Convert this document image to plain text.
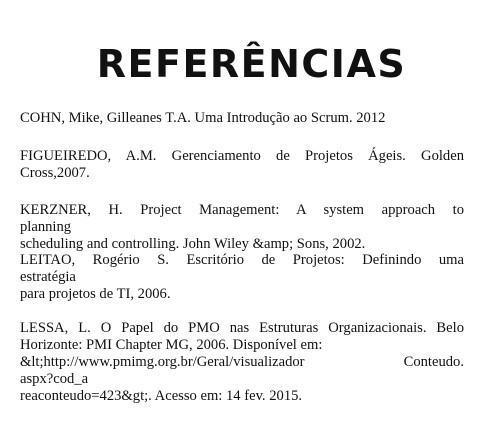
REFERÊNCIAS
COHN, Mike, Gilleanes T.A. Uma Introdução ao Scrum. 2012
FIGUEIREDO, A.M. Gerenciamento de Projetos Ágeis. Golden
Cross,2007.
KERZNER, H. Project Management: A system approach to
planning
scheduling and controlling. John Wiley &amp; Sons, 2002.
LEITAO, Rogério S. Escritório de Projetos: Definindo uma
estratégia
para projetos de TI, 2006.
LESSA, L. O Papel do PMO nas Estruturas Organizacionais. Belo
Horizonte: PMI Chapter MG, 2006. Disponível em:
&lt;http://www.pmimg.org.br/Geral/visualizador Conteudo.
aspx?cod_a
reaconteudo=423&gt;. Acesso em: 14 fev. 2015.
